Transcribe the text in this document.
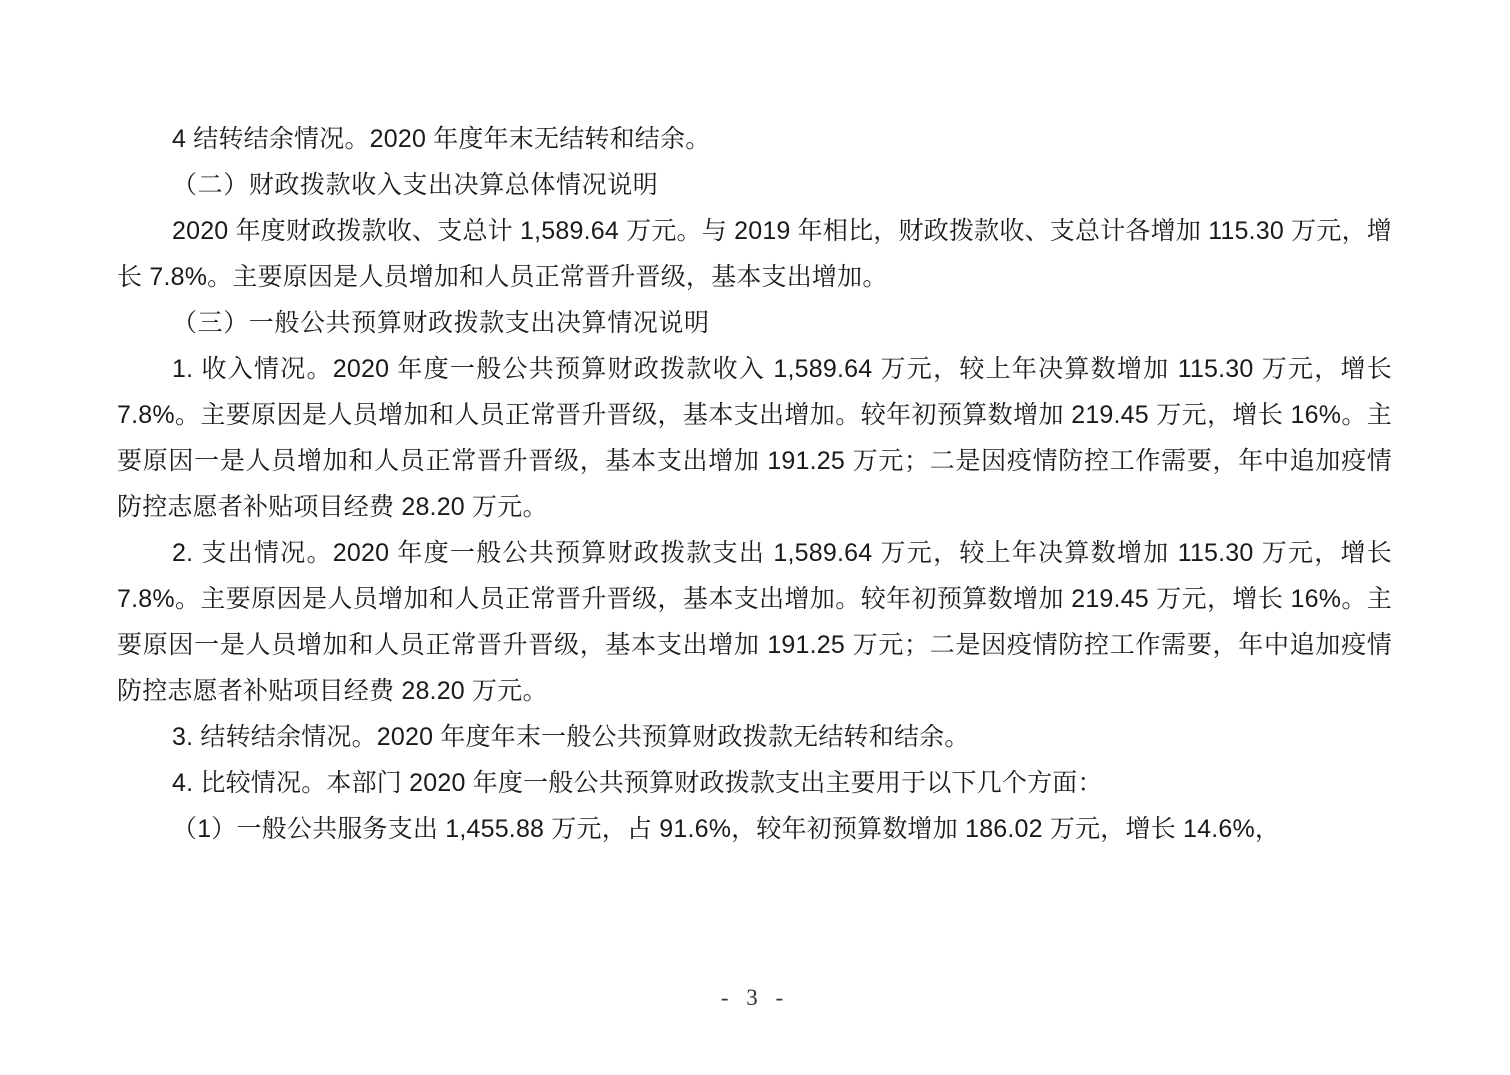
4 结转结余情况。2020 年度年末无结转和结余。

（二）财政拨款收入支出决算总体情况说明

2020 年度财政拨款收、支总计 1,589.64 万元。与 2019 年相比，财政拨款收、支总计各增加 115.30 万元，增长 7.8%。主要原因是人员增加和人员正常晋升晋级，基本支出增加。

（三）一般公共预算财政拨款支出决算情况说明

1. 收入情况。2020 年度一般公共预算财政拨款收入 1,589.64 万元，较上年决算数增加 115.30 万元，增长 7.8%。主要原因是人员增加和人员正常晋升晋级，基本支出增加。较年初预算数增加 219.45 万元，增长 16%。主要原因一是人员增加和人员正常晋升晋级，基本支出增加 191.25 万元；二是因疫情防控工作需要，年中追加疫情防控志愿者补贴项目经费 28.20 万元。

2. 支出情况。2020 年度一般公共预算财政拨款支出 1,589.64 万元，较上年决算数增加 115.30 万元，增长 7.8%。主要原因是人员增加和人员正常晋升晋级，基本支出增加。较年初预算数增加 219.45 万元，增长 16%。主要原因一是人员增加和人员正常晋升晋级，基本支出增加 191.25 万元；二是因疫情防控工作需要，年中追加疫情防控志愿者补贴项目经费 28.20 万元。

3. 结转结余情况。2020 年度年末一般公共预算财政拨款无结转和结余。

4. 比较情况。本部门 2020 年度一般公共预算财政拨款支出主要用于以下几个方面：

（1）一般公共服务支出 1,455.88 万元，占 91.6%，较年初预算数增加 186.02 万元，增长 14.6%，

- 3 -
